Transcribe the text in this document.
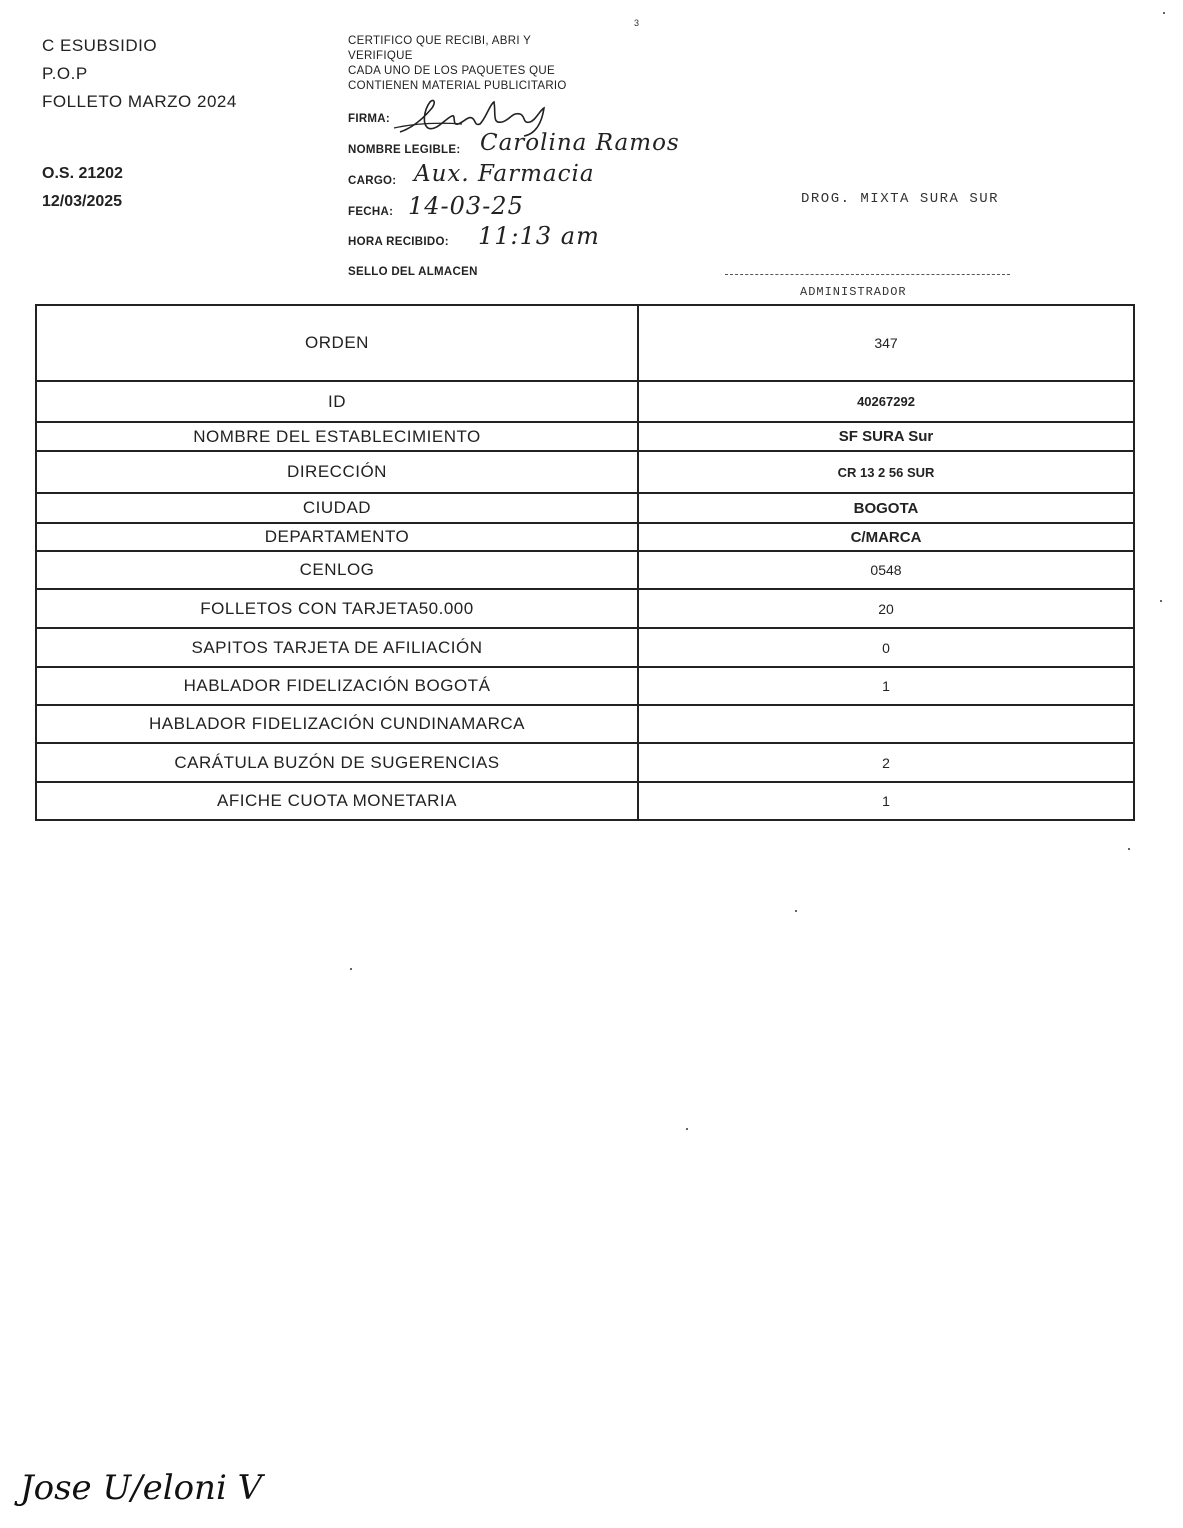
C ESUBSIDIO
P.O.P
FOLLETO MARZO 2024
O.S. 21202
12/03/2025
3
CERTIFICO QUE RECIBI, ABRI Y
VERIFIQUE
CADA UNO DE LOS PAQUETES QUE
CONTIENEN MATERIAL PUBLICITARIO
FIRMA:
NOMBRE LEGIBLE: Carolina Ramos
CARGO: Aux. Farmacia
FECHA: 14-03-25
HORA RECIBIDO: 11:13 am
SELLO DEL ALMACEN
DROG. MIXTA SURA SUR
ADMINISTRADOR
ORDEN	347
ID	40267292
NOMBRE DEL ESTABLECIMIENTO	SF SURA Sur
DIRECCIÓN	CR 13 2 56 SUR
CIUDAD	BOGOTA
DEPARTAMENTO	C/MARCA
CENLOG	0548
FOLLETOS CON TARJETA50.000	20
SAPITOS TARJETA DE AFILIACIÓN	0
HABLADOR FIDELIZACIÓN BOGOTÁ	1
HABLADOR FIDELIZACIÓN CUNDINAMARCA	
CARÁTULA BUZÓN DE SUGERENCIAS	2
AFICHE CUOTA MONETARIA	1
Jose U/eloni V
